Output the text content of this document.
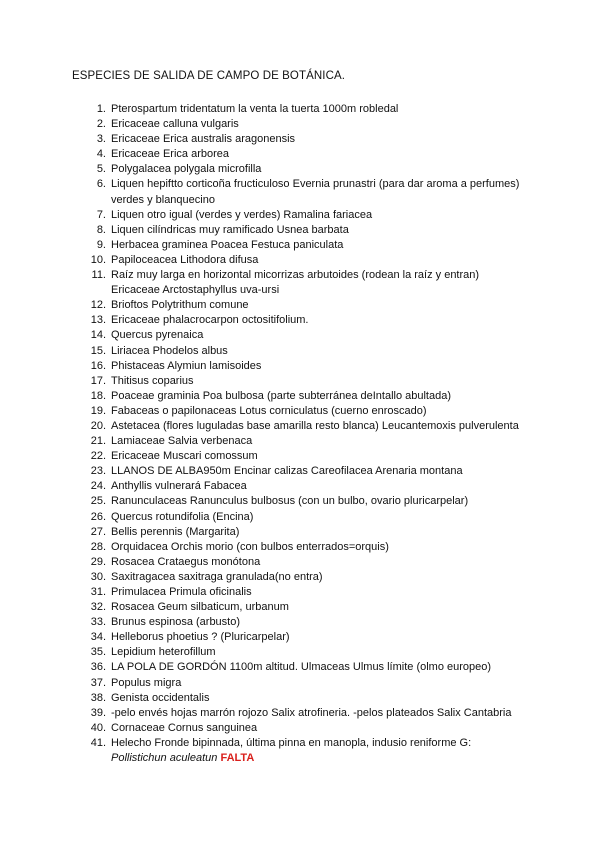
ESPECIES DE SALIDA DE CAMPO DE BOTÁNICA.
1. Pterospartum tridentatum la venta la tuerta 1000m robledal
2. Ericaceae calluna vulgaris
3. Ericaceae Erica australis aragonensis
4. Ericaceae Erica arborea
5. Polygalacea polygala microfilla
6. Liquen hepiftto corticoña fructiculoso Evernia prunastri (para dar aroma a perfumes)
verdes y blanquecino
7. Liquen otro igual (verdes y verdes) Ramalina fariacea
8. Liquen cilíndricas muy ramificado Usnea barbata
9. Herbacea graminea Poacea Festuca paniculata
10. Papiloceacea Lithodora difusa
11. Raíz muy larga en horizontal micorrizas arbutoides (rodean la raíz y entran)
Ericaceae Arctostaphyllus uva-ursi
12. Brioftos Polytrithum comune
13. Ericaceae phalacrocarpon octositifolium.
14. Quercus pyrenaica
15. Liriacea Phodelos albus
16. Phistaceas Alymiun lamisoides
17. Thitisus coparius
18. Poaceae graminia Poa bulbosa (parte subterránea deIntallo abultada)
19. Fabaceas o papilonaceas Lotus corniculatus (cuerno enroscado)
20. Astetacea (flores luguladas base amarilla resto blanca) Leucantemoxis pulverulenta
21. Lamiaceae Salvia verbenaca
22. Ericaceae Muscari comossum
23. LLANOS DE ALBA950m Encinar calizas Careofilacea Arenaria montana
24. Anthyllis vulnerará Fabacea
25. Ranunculaceas Ranunculus bulbosus (con un bulbo, ovario pluricarpelar)
26. Quercus rotundifolia (Encina)
27. Bellis perennis (Margarita)
28. Orquidacea Orchis morio (con bulbos enterrados=orquis)
29. Rosacea Crataegus monótona
30. Saxitragacea saxitraga granulada(no entra)
31. Primulacea Primula oficinalis
32. Rosacea Geum silbaticum, urbanum
33. Brunus espinosa (arbusto)
34. Helleborus phoetius ? (Pluricarpelar)
35. Lepidium heterofillum
36. LA POLA DE GORDÓN 1100m altitud. Ulmaceas Ulmus límite (olmo europeo)
37. Populus migra
38. Genista occidentalis
39. -pelo envés hojas marrón rojozo Salix atrofineria. -pelos plateados Salix Cantabria
40. Cornaceae Cornus sanguinea
41. Helecho Fronde bipinnada, última pinna en manopla, indusio reniforme G:
Pollistichun aculeatun FALTA
